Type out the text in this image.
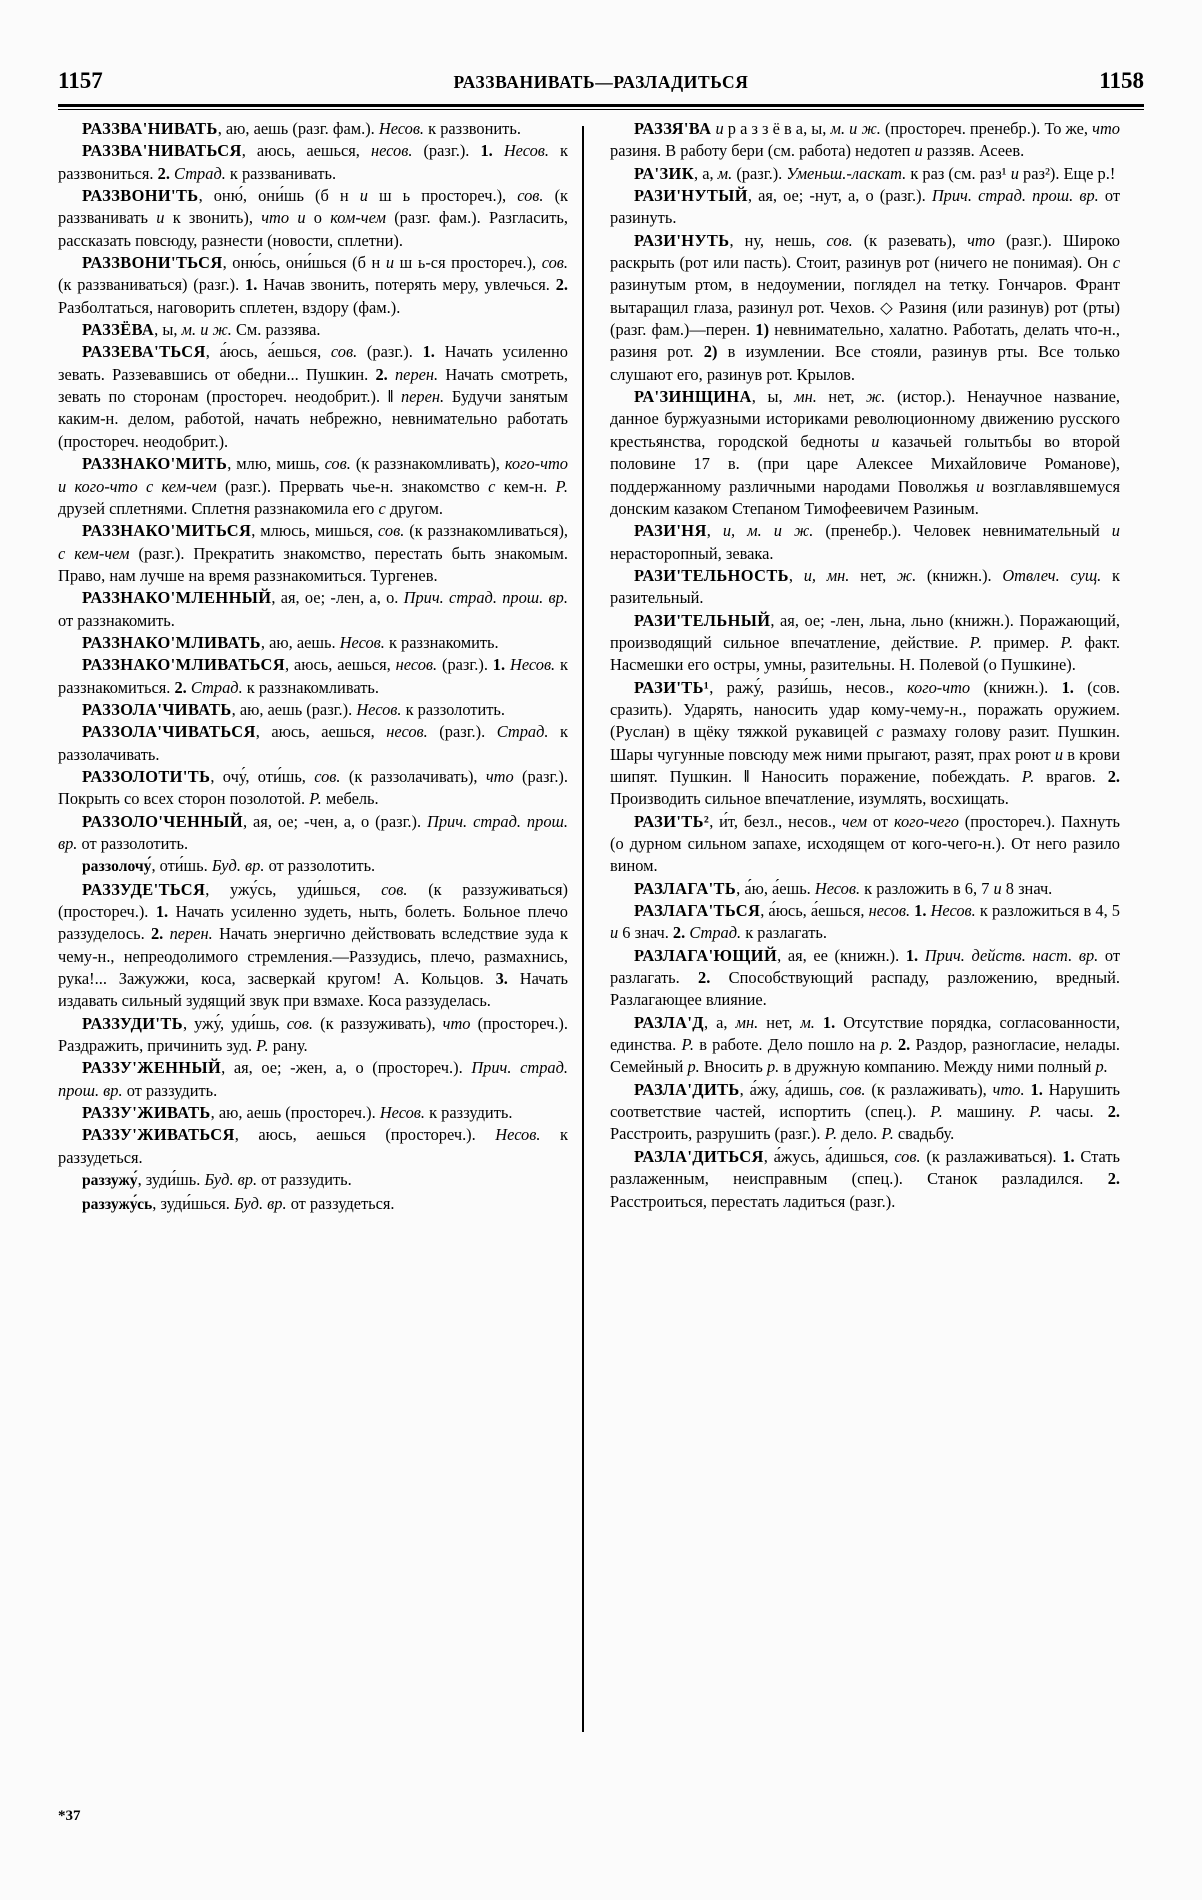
1157	РАЗЗВАНИВАТЬ—РАЗЛАДИТЬСЯ	1158

РАЗЗВА'НИВАТЬ, аю, аешь (разг. фам.). Несов. к раззвонить.

РАЗЗВА'НИВАТЬСЯ, аюсь, аешься, несов. (разг.). 1. Несов. к раззвониться. 2. Страд. к раззванивать.

РАЗЗВОНИ'ТЬ, оню́, они́шь (б н и ш ь простореч.), сов. (к раззванивать и к звонить), что и о ком-чем (разг. фам.). Разгласить, рассказать повсюду, разнести (новости, сплетни).

РАЗЗВОНИ'ТЬСЯ, оню́сь, они́шься (б н и ш ь-ся простореч.), сов. (к раззваниваться) (разг.). 1. Начав звонить, потерять меру, увлечься. 2. Разболтаться, наговорить сплетен, вздору (фам.).

РАЗЗЁВА, ы, м. и ж. См. раззява.

РАЗЗЕВА'ТЬСЯ, а́юсь, а́ешься, сов. (разг.). 1. Начать усиленно зевать. Раззевавшись от обедни... Пушкин. 2. перен. Начать смотреть, зевать по сторонам (простореч. неодобрит.). ‖ перен. Будучи занятым каким-н. делом, работой, начать небрежно, невнимательно работать (простореч. неодобрит.).

РАЗЗНАКО'МИТЬ, млю, мишь, сов. (к раззнакомливать), кого-что и кого-что с кем-чем (разг.). Прервать чье-н. знакомство с кем-н. Р. друзей сплетнями. Сплетня раззнакомила его с другом.

РАЗЗНАКО'МИТЬСЯ, млюсь, мишься, сов. (к раззнакомливаться), с кем-чем (разг.). Прекратить знакомство, перестать быть знакомым. Право, нам лучше на время раззнакомиться. Тургенев.

РАЗЗНАКО'МЛЕННЫЙ, ая, ое; -лен, а, о. Прич. страд. прош. вр. от раззнакомить.

РАЗЗНАКО'МЛИВАТЬ, аю, аешь. Несов. к раззнакомить.

РАЗЗНАКО'МЛИВАТЬСЯ, аюсь, аешься, несов. (разг.). 1. Несов. к раззнакомиться. 2. Страд. к раззнакомливать.

РАЗЗОЛА'ЧИВАТЬ, аю, аешь (разг.). Несов. к раззолотить.

РАЗЗОЛА'ЧИВАТЬСЯ, аюсь, аешься, несов. (разг.). Страд. к раззолачивать.

РАЗЗОЛОТИ'ТЬ, очу́, оти́шь, сов. (к раззолачивать), что (разг.). Покрыть со всех сторон позолотой. Р. мебель.

РАЗЗОЛО'ЧЕННЫЙ, ая, ое; -чен, а, о (разг.). Прич. страд. прош. вр. от раззолотить.

раззолочу́, оти́шь. Буд. вр. от раззолотить.

РАЗЗУДЕ'ТЬСЯ, ужу́сь, уди́шься, сов. (к раззуживаться) (простореч.). 1. Начать усиленно зудеть, ныть, болеть. Больное плечо раззуделось. 2. перен. Начать энергично действовать вследствие зуда к чему-н., непреодолимого стремления.—Раззудись, плечо, размахнись, рука!... Зажужжи, коса, засверкай кругом! А. Кольцов. 3. Начать издавать сильный зудящий звук при взмахе. Коса раззуделась.

РАЗЗУДИ'ТЬ, ужу́, уди́шь, сов. (к раззуживать), что (простореч.). Раздражить, причинить зуд. Р. рану.

РАЗЗУ'ЖЕННЫЙ, ая, ое; -жен, а, о (простореч.). Прич. страд. прош. вр. от раззудить.

РАЗЗУ'ЖИВАТЬ, аю, аешь (простореч.). Несов. к раззудить.

РАЗЗУ'ЖИВАТЬСЯ, аюсь, аешься (простореч.). Несов. к раззудеться.

раззужу́, зуди́шь. Буд. вр. от раззудить.

раззужу́сь, зуди́шься. Буд. вр. от раззудеться.

РАЗЗЯ'ВА и р а з з ё в а, ы, м. и ж. (простореч. пренебр.). То же, что разиня. В работу бери (см. работа) недотеп и раззяв. Асеев.

РА'ЗИК, а, м. (разг.). Уменьш.-ласкат. к раз (см. раз¹ и раз²). Еще р.!

РАЗИ'НУТЫЙ, ая, ое; -нут, а, о (разг.). Прич. страд. прош. вр. от разинуть.

РАЗИ'НУТЬ, ну, нешь, сов. (к разевать), что (разг.). Широко раскрыть (рот или пасть). Стоит, разинув рот (ничего не понимая). Он с разинутым ртом, в недоумении, поглядел на тетку. Гончаров. Франт вытаращил глаза, разинул рот. Чехов. ◇ Разиня (или разинув) рот (рты) (разг. фам.)—перен. 1) невнимательно, халатно. Работать, делать что-н., разиня рот. 2) в изумлении. Все стояли, разинув рты. Все только слушают его, разинув рот. Крылов.

РА'ЗИНЩИНА, ы, мн. нет, ж. (истор.). Ненаучное название, данное буржуазными историками революционному движению русского крестьянства, городской бедноты и казачьей голытьбы во второй половине 17 в. (при царе Алексее Михайловиче Романове), поддержанному различными народами Поволжья и возглавлявшемуся донским казаком Степаном Тимофеевичем Разиным.

РАЗИ'НЯ, и, м. и ж. (пренебр.). Человек невнимательный и нерасторопный, зевака.

РАЗИ'ТЕЛЬНОСТЬ, и, мн. нет, ж. (книжн.). Отвлеч. сущ. к разительный.

РАЗИ'ТЕЛЬНЫЙ, ая, ое; -лен, льна, льно (книжн.). Поражающий, производящий сильное впечатление, действие. Р. пример. Р. факт. Насмешки его остры, умны, разительны. Н. Полевой (о Пушкине).

РАЗИ'ТЬ¹, ражу́, рази́шь, несов., кого-что (книжн.). 1. (сов. сразить). Ударять, наносить удар кому-чему-н., поражать оружием. (Руслан) в щёку тяжкой рукавицей с размаху голову разит. Пушкин. Шары чугунные повсюду меж ними прыгают, разят, прах роют и в крови шипят. Пушкин. ‖ Наносить поражение, побеждать. Р. врагов. 2. Производить сильное впечатление, изумлять, восхищать.

РАЗИ'ТЬ², и́т, безл., несов., чем от кого-чего (простореч.). Пахнуть (о дурном сильном запахе, исходящем от кого-чего-н.). От него разило вином.

РАЗЛАГА'ТЬ, а́ю, а́ешь. Несов. к разложить в 6, 7 и 8 знач.

РАЗЛАГА'ТЬСЯ, а́юсь, а́ешься, несов. 1. Несов. к разложиться в 4, 5 и 6 знач. 2. Страд. к разлагать.

РАЗЛАГА'ЮЩИЙ, ая, ее (книжн.). 1. Прич. действ. наст. вр. от разлагать. 2. Способствующий распаду, разложению, вредный. Разлагающее влияние.

РАЗЛА'Д, а, мн. нет, м. 1. Отсутствие порядка, согласованности, единства. Р. в работе. Дело пошло на р. 2. Раздор, разногласие, нелады. Семейный р. Вносить р. в дружную компанию. Между ними полный р.

РАЗЛА'ДИТЬ, а́жу, а́дишь, сов. (к разлаживать), что. 1. Нарушить соответствие частей, испортить (спец.). Р. машину. Р. часы. 2. Расстроить, разрушить (разг.). Р. дело. Р. свадьбу.

РАЗЛА'ДИТЬСЯ, а́жусь, а́дишься, сов. (к разлаживаться). 1. Стать разлаженным, неисправным (спец.). Станок разладился. 2. Расстроиться, перестать ладиться (разг.).

*37
